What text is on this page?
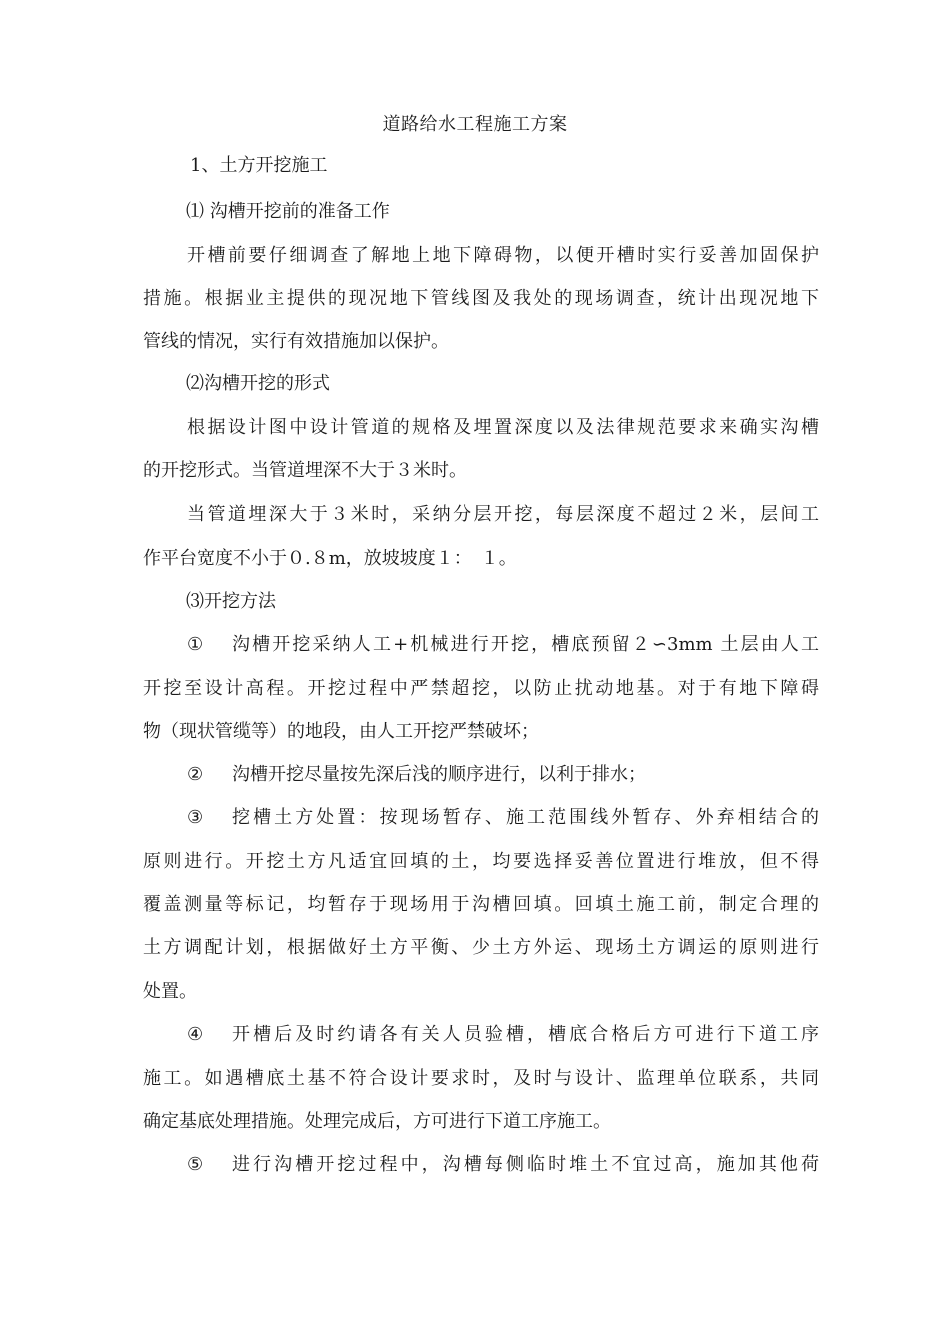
道路给水工程施工方案
1、土方开挖施工
⑴ 沟槽开挖前的准备工作
开槽前要仔细调查了解地上地下障碍物，以便开槽时实行妥善加固保护
措施。根据业主提供的现况地下管线图及我处的现场调查，统计出现况地下
管线的情况，实行有效措施加以保护。
⑵沟槽开挖的形式
根据设计图中设计管道的规格及埋置深度以及法律规范要求来确实沟槽
的开挖形式。当管道埋深不大于３米时。
当管道埋深大于３米时，采纳分层开挖，每层深度不超过２米，层间工
作平台宽度不小于０.８m，放坡坡度１：　１。
⑶开挖方法
① 沟槽开挖采纳人工+机械进行开挖，槽底预留２∽3mm 土层由人工
开挖至设计高程。开挖过程中严禁超挖，以防止扰动地基。对于有地下障碍
物（现状管缆等）的地段，由人工开挖严禁破坏；
② 沟槽开挖尽量按先深后浅的顺序进行，以利于排水；
③ 挖槽土方处置：按现场暂存、施工范围线外暂存、外弃相结合的
原则进行。开挖土方凡适宜回填的土，均要选择妥善位置进行堆放，但不得
覆盖测量等标记，均暂存于现场用于沟槽回填。回填土施工前，制定合理的
土方调配计划，根据做好土方平衡、少土方外运、现场土方调运的原则进行
处置。
④ 开槽后及时约请各有关人员验槽，槽底合格后方可进行下道工序
施工。如遇槽底土基不符合设计要求时，及时与设计、监理单位联系，共同
确定基底处理措施。处理完成后，方可进行下道工序施工。
⑤ 进行沟槽开挖过程中，沟槽每侧临时堆土不宜过高，施加其他荷
